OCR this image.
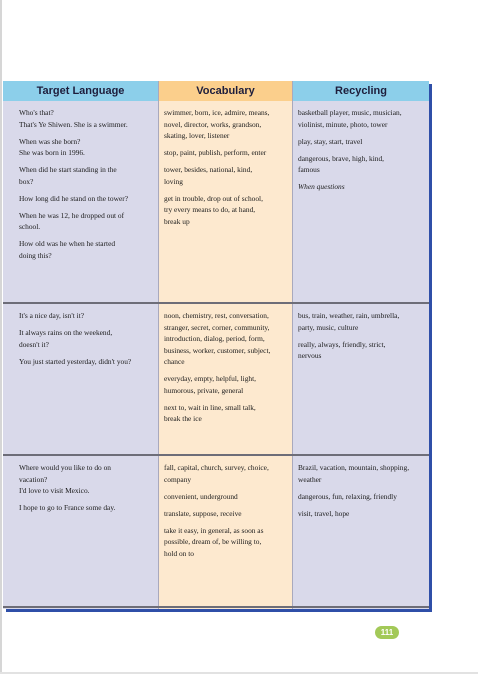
Target Language	Vocabulary	Recycling

Who's that?
That's Ye Shiwen. She is a swimmer.

When was she born?
She was born in 1996.

When did he start standing in the
box?

How long did he stand on the tower?

When he was 12, he dropped out of
school.

How old was he when he started
doing this?

swimmer, born, ice, admire, means,
novel, director, works, grandson,
skating, lover, listener

stop, paint, publish, perform, enter

tower, besides, national, kind,
loving

get in trouble, drop out of school,
try every means to do, at hand,
break up

basketball player, music, musician,
violinist, minute, photo, tower

play, stay, start, travel

dangerous, brave, high, kind,
famous

When questions

It's a nice day, isn't it?

It always rains on the weekend,
doesn't it?

You just started yesterday, didn't you?

noon, chemistry, rest, conversation,
stranger, secret, corner, community,
introduction, dialog, period, form,
business, worker, customer, subject,
chance

everyday, empty, helpful, light,
humorous, private, general

next to, wait in line, small talk,
break the ice

bus, train, weather, rain, umbrella,
party, music, culture

really, always, friendly, strict,
nervous

Where would you like to do on
vacation?
I'd love to visit Mexico.

I hope to go to France some day.

fall, capital, church, survey, choice,
company

convenient, underground

translate, suppose, receive

take it easy, in general, as soon as
possible, dream of, be willing to,
hold on to

Brazil, vacation, mountain, shopping,
weather

dangerous, fun, relaxing, friendly

visit, travel, hope

111
